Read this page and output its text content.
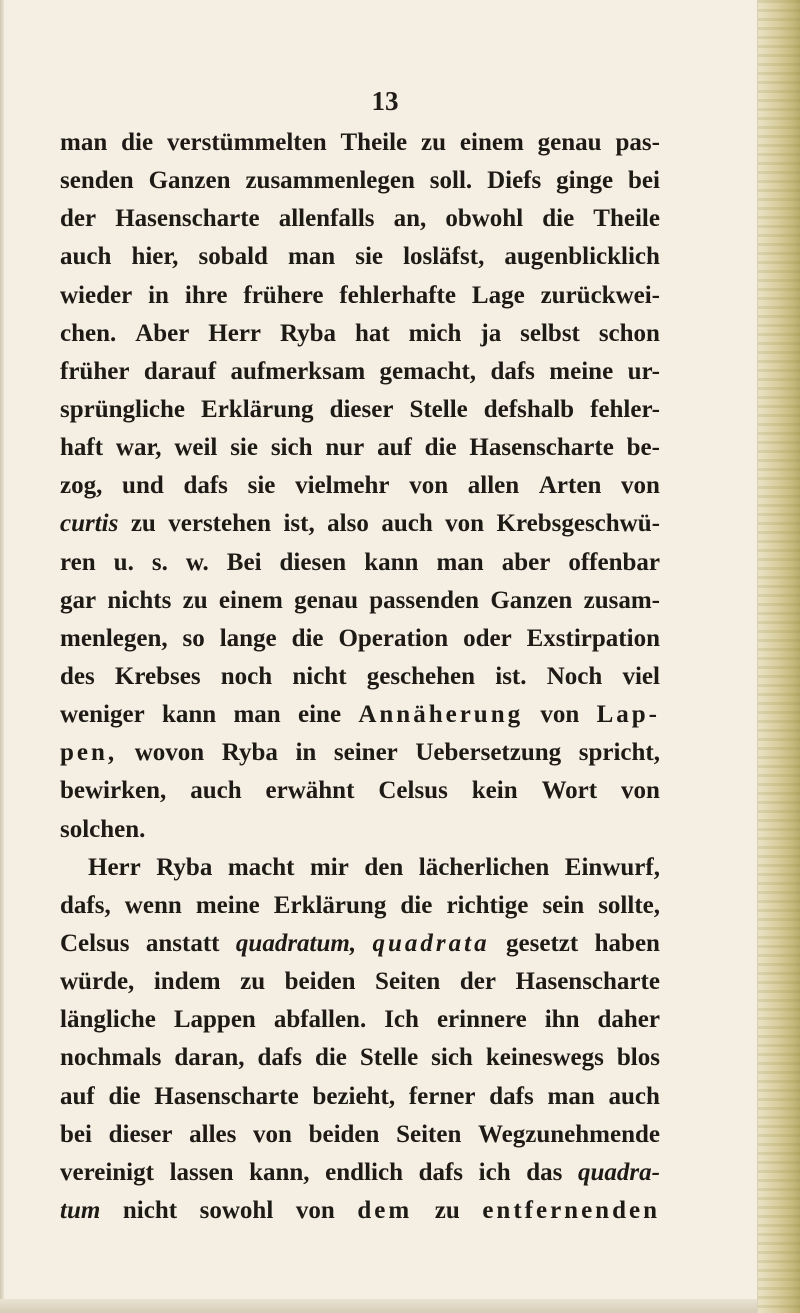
13
man die verstümmelten Theile zu einem genau pas-
senden Ganzen zusammenlegen soll. Diefs ginge bei
der Hasenscharte allenfalls an, obwohl die Theile
auch hier, sobald man sie losläfst, augenblicklich
wieder in ihre frühere fehlerhafte Lage zurückwei-
chen. Aber Herr Ryba hat mich ja selbst schon
früher darauf aufmerksam gemacht, dafs meine ur-
sprüngliche Erklärung dieser Stelle defshalb fehler-
haft war, weil sie sich nur auf die Hasenscharte be-
zog, und dafs sie vielmehr von allen Arten von
curtis zu verstehen ist, also auch von Krebsgeschwü-
ren u. s. w. Bei diesen kann man aber offenbar
gar nichts zu einem genau passenden Ganzen zusam-
menlegen, so lange die Operation oder Exstirpation
des Krebses noch nicht geschehen ist. Noch viel
weniger kann man eine Annäherung von Lap-
pen, wovon Ryba in seiner Uebersetzung spricht,
bewirken, auch erwähnt Celsus kein Wort von
solchen.
Herr Ryba macht mir den lächerlichen Einwurf,
dafs, wenn meine Erklärung die richtige sein sollte,
Celsus anstatt quadratum, quadrata gesetzt haben
würde, indem zu beiden Seiten der Hasenscharte
längliche Lappen abfallen. Ich erinnere ihn daher
nochmals daran, dafs die Stelle sich keineswegs blos
auf die Hasenscharte bezieht, ferner dafs man auch
bei dieser alles von beiden Seiten Wegzunehmende
vereinigt lassen kann, endlich dafs ich das quadra-
tum nicht sowohl von dem zu entfernenden
